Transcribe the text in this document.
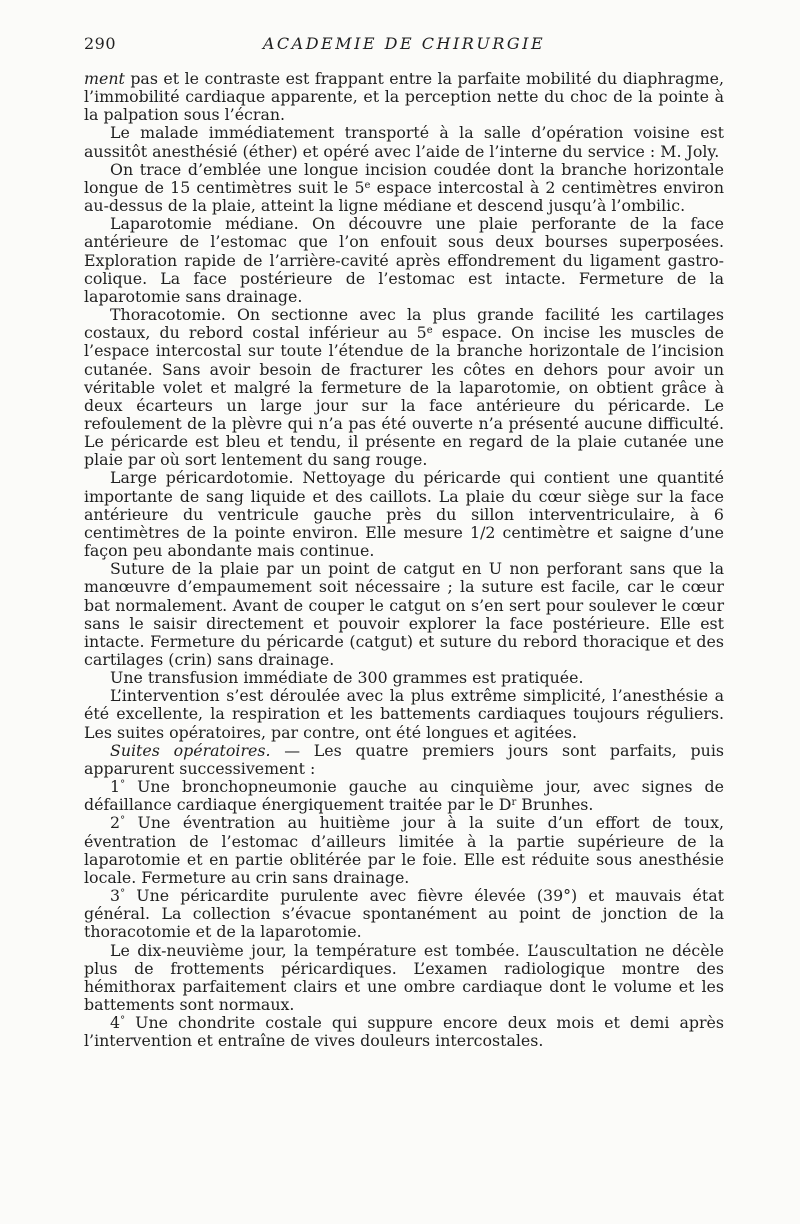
290	ACADEMIE DE CHIRURGIE

ment pas et le contraste est frappant entre la parfaite mobilité du diaphragme, l’immobilité cardiaque apparente, et la perception nette du choc de la pointe à la palpation sous l’écran.

Le malade immédiatement transporté à la salle d’opération voisine est aussitôt anesthésié (éther) et opéré avec l’aide de l’interne du service : M. Joly.

On trace d’emblée une longue incision coudée dont la branche horizontale longue de 15 centimètres suit le 5e espace intercostal à 2 centimètres environ au-dessus de la plaie, atteint la ligne médiane et descend jusqu’à l’ombilic.

Laparotomie médiane. On découvre une plaie perforante de la face antérieure de l’estomac que l’on enfouit sous deux bourses superposées. Exploration rapide de l’arrière-cavité après effondrement du ligament gastro-colique. La face postérieure de l’estomac est intacte. Fermeture de la laparotomie sans drainage.

Thoracotomie. On sectionne avec la plus grande facilité les cartilages costaux, du rebord costal inférieur au 5e espace. On incise les muscles de l’espace intercostal sur toute l’étendue de la branche horizontale de l’incision cutanée. Sans avoir besoin de fracturer les côtes en dehors pour avoir un véritable volet et malgré la fermeture de la laparotomie, on obtient grâce à deux écarteurs un large jour sur la face antérieure du péricarde. Le refoulement de la plèvre qui n’a pas été ouverte n’a présenté aucune difficulté. Le péricarde est bleu et tendu, il présente en regard de la plaie cutanée une plaie par où sort lentement du sang rouge.

Large péricardotomie. Nettoyage du péricarde qui contient une quantité importante de sang liquide et des caillots. La plaie du cœur siège sur la face antérieure du ventricule gauche près du sillon interventriculaire, à 6 centimètres de la pointe environ. Elle mesure 1/2 centimètre et saigne d’une façon peu abondante mais continue.

Suture de la plaie par un point de catgut en U non perforant sans que la manœuvre d’empaumement soit nécessaire ; la suture est facile, car le cœur bat normalement. Avant de couper le catgut on s’en sert pour soulever le cœur sans le saisir directement et pouvoir explorer la face postérieure. Elle est intacte. Fermeture du péricarde (catgut) et suture du rebord thoracique et des cartilages (crin) sans drainage.

Une transfusion immédiate de 300 grammes est pratiquée.

L’intervention s’est déroulée avec la plus extrême simplicité, l’anesthésie a été excellente, la respiration et les battements cardiaques toujours réguliers. Les suites opératoires, par contre, ont été longues et agitées.

Suites opératoires. — Les quatre premiers jours sont parfaits, puis apparurent successivement :

1° Une bronchopneumonie gauche au cinquième jour, avec signes de défaillance cardiaque énergiquement traitée par le $D^r$ Brunhes.

2° Une éventration au huitième jour à la suite d’un effort de toux, éventration de l’estomac d’ailleurs limitée à la partie supérieure de la laparotomie et en partie oblitérée par le foie. Elle est réduite sous anesthésie locale. Fermeture au crin sans drainage.

3° Une péricardite purulente avec fièvre élevée (39°) et mauvais état général. La collection s’évacue spontanément au point de jonction de la thoracotomie et de la laparotomie.

Le dix-neuvième jour, la température est tombée. L’auscultation ne décèle plus de frottements péricardiques. L’examen radiologique montre des hémithorax parfaitement clairs et une ombre cardiaque dont le volume et les battements sont normaux.

4° Une chondrite costale qui suppure encore deux mois et demi après l’intervention et entraîne de vives douleurs intercostales.
